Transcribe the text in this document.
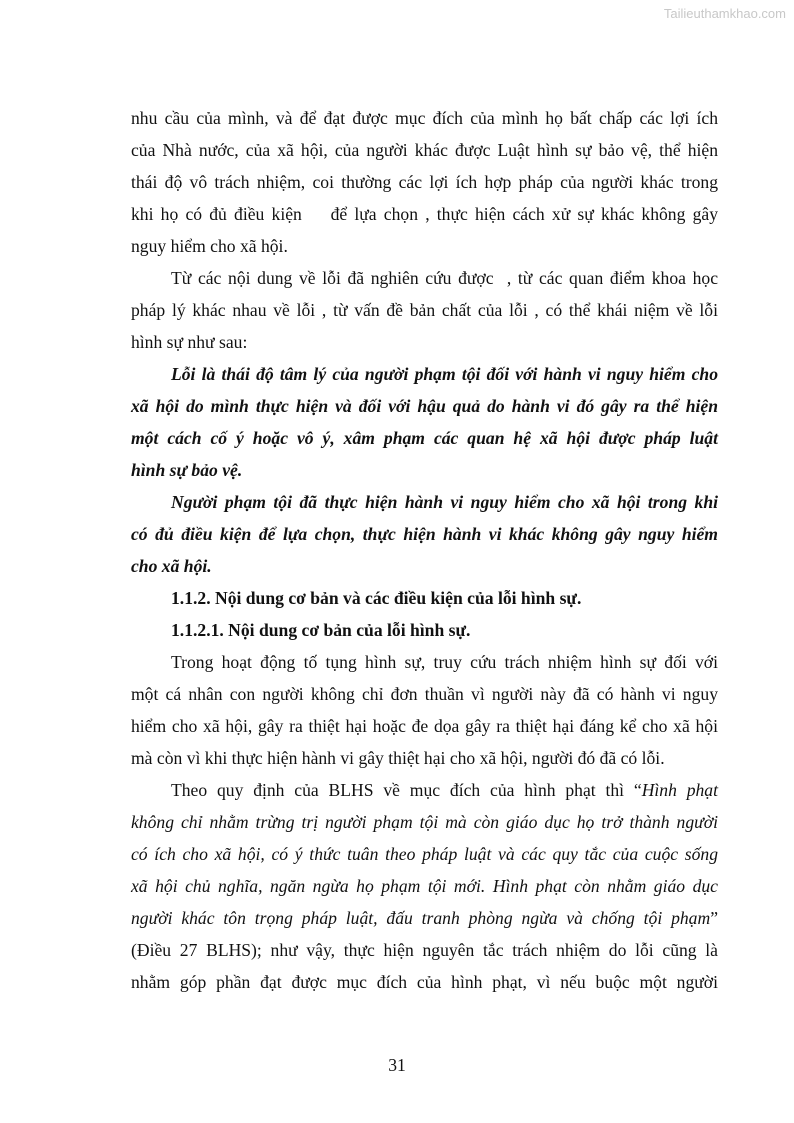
Tailieuthamkhao.com
nhu cầu của mình, và để đạt được mục đích của mình họ bất chấp các lợi ích
của Nhà nước, của xã hội, của người khác được Luật hình sự bảo vệ, thể hiện
thái độ vô trách nhiệm, coi thường các lợi ích hợp pháp của người khác trong
khi họ có đủ điều kiện    để lựa chọn , thực hiện cách xử sự khác không gây
nguy hiểm cho xã hội.
Từ các nội dung về lỗi đã nghiên cứu được  , từ các quan điểm khoa học
pháp lý khác nhau về lỗi , từ vấn đề bản chất của lỗi , có thể khái niệm về lỗi
hình sự như sau:
Lỗi là thái độ tâm lý của người phạm tội đối với hành vi nguy hiểm cho
xã hội do mình thực hiện và đối với hậu quả do hành vi đó gây ra thể hiện
một cách cố ý hoặc vô ý, xâm phạm các quan hệ xã hội được pháp luật
hình sự bảo vệ.
Người phạm tội đã thực hiện hành vi nguy hiểm cho xã hội trong khi
có đủ điều kiện để lựa chọn, thực hiện hành vi khác không gây nguy hiểm
cho xã hội.
1.1.2. Nội dung cơ bản và các điều kiện của lỗi hình sự.
1.1.2.1. Nội dung cơ bản của lỗi hình sự.
Trong hoạt động tố tụng hình sự, truy cứu trách nhiệm hình sự đối với
một cá nhân con người không chỉ đơn thuần vì người này đã có hành vi nguy
hiểm cho xã hội, gây ra thiệt hại hoặc đe dọa gây ra thiệt hại đáng kể cho xã hội
mà còn vì khi thực hiện hành vi gây thiệt hại cho xã hội, người đó đã có lỗi.
Theo quy định của BLHS về mục đích của hình phạt thì “Hình phạt
không chỉ nhằm trừng trị người phạm tội mà còn giáo dục họ trở thành người
có ích cho xã hội, có ý thức tuân theo pháp luật và các quy tắc của cuộc sống
xã hội chủ nghĩa, ngăn ngừa họ phạm tội mới. Hình phạt còn nhằm giáo dục
người khác tôn trọng pháp luật, đấu tranh phòng ngừa và chống tội phạm”
(Điều 27 BLHS); như vậy, thực hiện nguyên tắc trách nhiệm do lỗi cũng là
nhằm góp phần đạt được mục đích của hình phạt, vì nếu buộc một người
31
